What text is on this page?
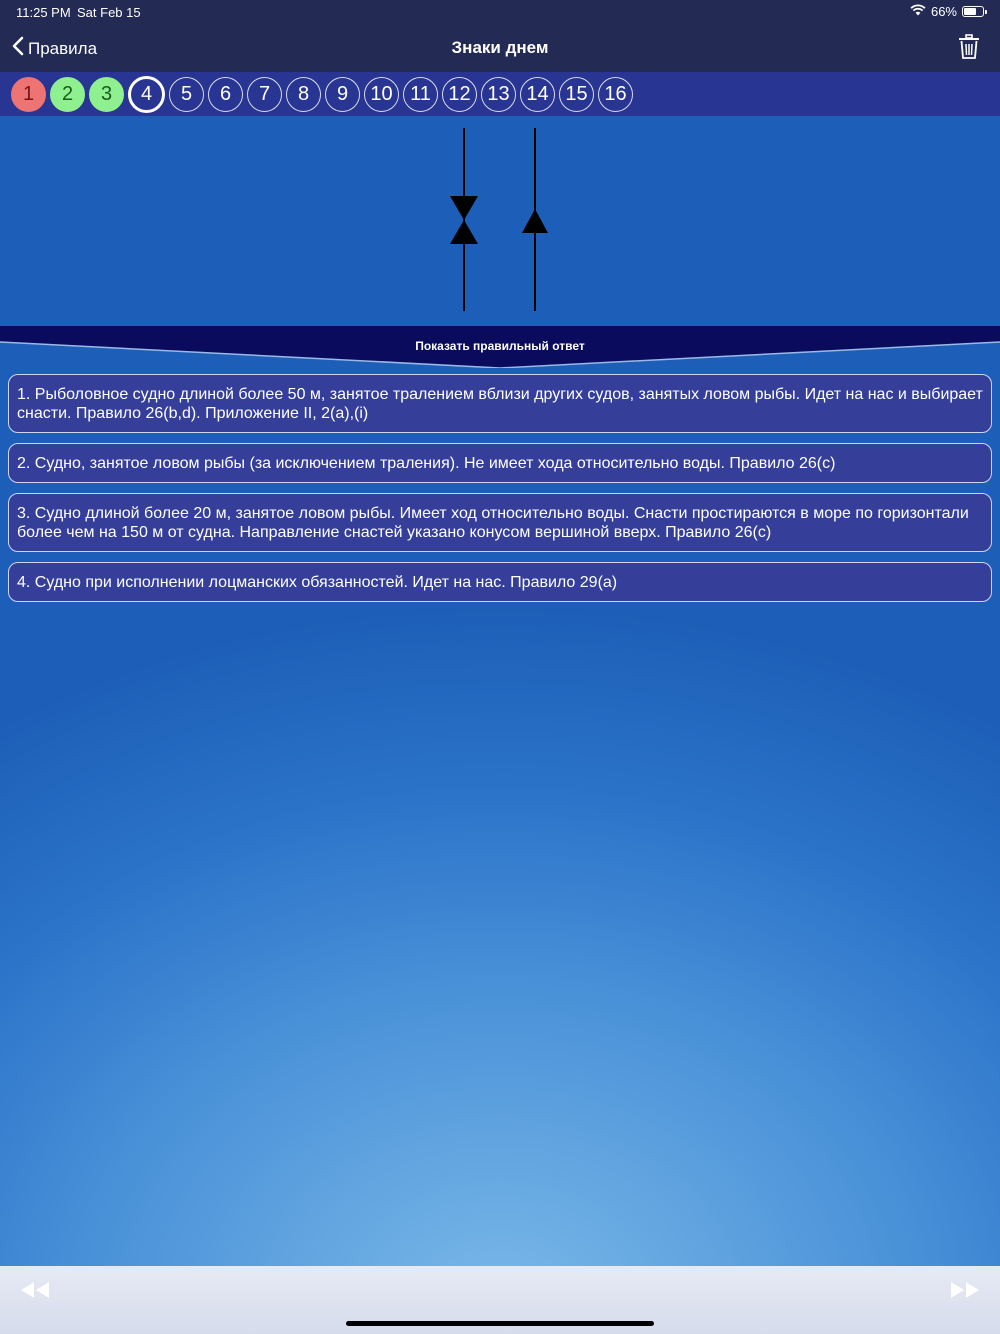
11:25 PM Sat Feb 15	66%
Правила	Знаки днем
1	2	3	4	5	6	7	8	9	10 11 12 13 14 15 16
Показать правильный ответ
1. Рыболовное судно длиной более 50 м, занятое тралением вблизи других судов, занятых ловом рыбы. Идет на нас и выбирает снасти. Правило 26(b,d). Приложение II, 2(a),(i)
2. Судно, занятое ловом рыбы (за исключением траления). Не имеет хода относительно воды. Правило 26(c)
3. Судно длиной более 20 м, занятое ловом рыбы. Имеет ход относительно воды. Снасти простираются в море по горизонтали более чем на 150 м от судна. Направление снастей указано конусом вершиной вверх. Правило 26(c)
4. Судно при исполнении лоцманских обязанностей. Идет на нас. Правило 29(a)
